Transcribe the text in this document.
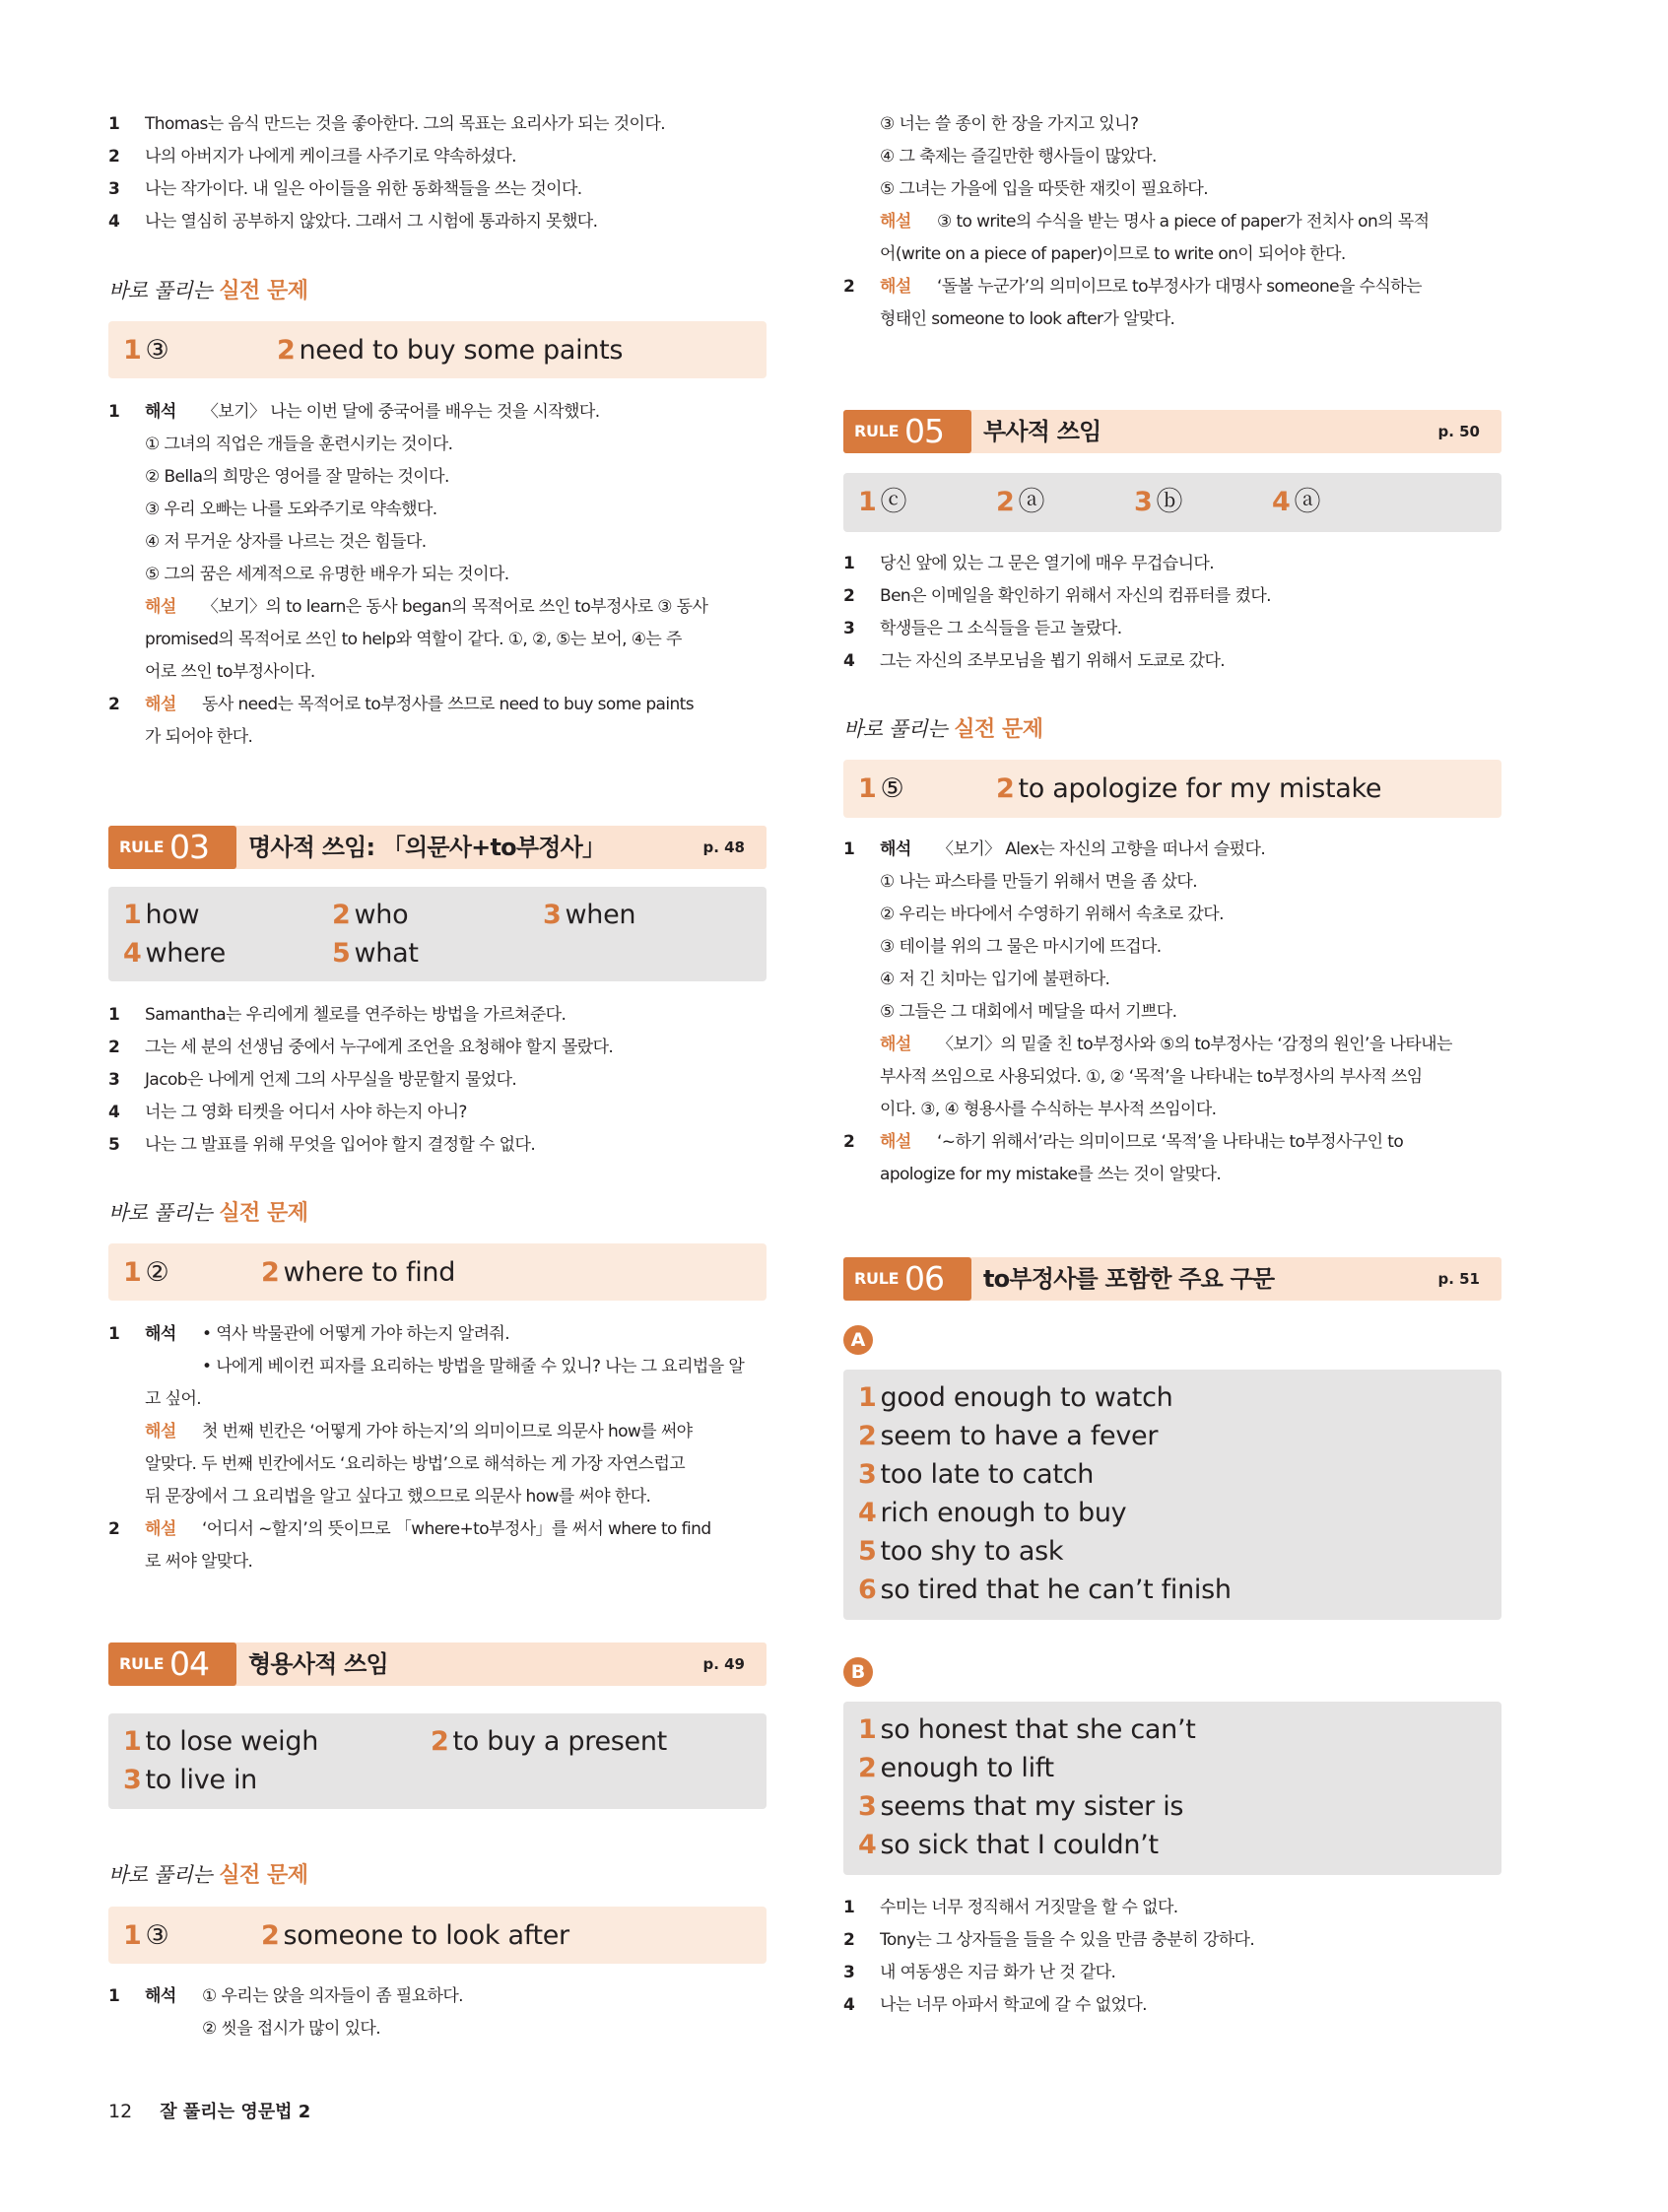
1	Thomas는 음식 만드는 것을 좋아한다. 그의 목표는 요리사가 되는 것이다.
2	나의 아버지가 나에게 케이크를 사주기로 약속하셨다.
3	나는 작가이다. 내 일은 아이들을 위한 동화책들을 쓰는 것이다.
4	나는 열심히 공부하지 않았다. 그래서 그 시험에 통과하지 못했다.
바로 풀리는 실전 문제
1 ③	2 need to buy some paints
1	해석	〈보기〉 나는 이번 달에 중국어를 배우는 것을 시작했다.
① 그녀의 직업은 개들을 훈련시키는 것이다.
② Bella의 희망은 영어를 잘 말하는 것이다.
③ 우리 오빠는 나를 도와주기로 약속했다.
④ 저 무거운 상자를 나르는 것은 힘들다.
⑤ 그의 꿈은 세계적으로 유명한 배우가 되는 것이다.
해설	〈보기〉의 to learn은 동사 began의 목적어로 쓰인 to부정사로 ③ 동사
promised의 목적어로 쓰인 to help와 역할이 같다. ①, ②, ⑤는 보어, ④는 주
어로 쓰인 to부정사이다.
2	해설	동사 need는 목적어로 to부정사를 쓰므로 need to buy some paints
가 되어야 한다.
RULE 03 명사적 쓰임: 「의문사+to부정사」	p. 48
1 how	2 who	3 when
4 where	5 what
1	Samantha는 우리에게 첼로를 연주하는 방법을 가르쳐준다.
2	그는 세 분의 선생님 중에서 누구에게 조언을 요청해야 할지 몰랐다.
3	Jacob은 나에게 언제 그의 사무실을 방문할지 물었다.
4	너는 그 영화 티켓을 어디서 사야 하는지 아니?
5	나는 그 발표를 위해 무엇을 입어야 할지 결정할 수 없다.
바로 풀리는 실전 문제
1 ②	2 where to find
1	해석	• 역사 박물관에 어떻게 가야 하는지 알려줘.
• 나에게 베이컨 피자를 요리하는 방법을 말해줄 수 있니? 나는 그 요리법을 알
고 싶어.
해설	첫 번째 빈칸은 ‘어떻게 가야 하는지’의 의미이므로 의문사 how를 써야
알맞다. 두 번째 빈칸에서도 ‘요리하는 방법’으로 해석하는 게 가장 자연스럽고
뒤 문장에서 그 요리법을 알고 싶다고 했으므로 의문사 how를 써야 한다.
2	해설	‘어디서 ~할지’의 뜻이므로 「where+to부정사」를 써서 where to find
로 써야 알맞다.
RULE 04 형용사적 쓰임	p. 49
1 to lose weigh	2 to buy a present
3 to live in
바로 풀리는 실전 문제
1 ③	2 someone to look after
1	해석	① 우리는 앉을 의자들이 좀 필요하다.
② 씻을 접시가 많이 있다.
③ 너는 쓸 종이 한 장을 가지고 있니?
④ 그 축제는 즐길만한 행사들이 많았다.
⑤ 그녀는 가을에 입을 따뜻한 재킷이 필요하다.
해설	③ to write의 수식을 받는 명사 a piece of paper가 전치사 on의 목적
어(write on a piece of paper)이므로 to write on이 되어야 한다.
2	해설	‘돌볼 누군가’의 의미이므로 to부정사가 대명사 someone을 수식하는
형태인 someone to look after가 알맞다.
RULE 05 부사적 쓰임	p. 50
1 ⓒ	2 ⓐ	3 ⓑ	4 ⓐ
1	당신 앞에 있는 그 문은 열기에 매우 무겁습니다.
2	Ben은 이메일을 확인하기 위해서 자신의 컴퓨터를 켰다.
3	학생들은 그 소식들을 듣고 놀랐다.
4	그는 자신의 조부모님을 뵙기 위해서 도쿄로 갔다.
바로 풀리는 실전 문제
1 ⑤	2 to apologize for my mistake
1	해석	〈보기〉 Alex는 자신의 고향을 떠나서 슬펐다.
① 나는 파스타를 만들기 위해서 면을 좀 샀다.
② 우리는 바다에서 수영하기 위해서 속초로 갔다.
③ 테이블 위의 그 물은 마시기에 뜨겁다.
④ 저 긴 치마는 입기에 불편하다.
⑤ 그들은 그 대회에서 메달을 따서 기쁘다.
해설	〈보기〉의 밑줄 친 to부정사와 ⑤의 to부정사는 ‘감정의 원인’을 나타내는
부사적 쓰임으로 사용되었다. ①, ② ‘목적’을 나타내는 to부정사의 부사적 쓰임
이다. ③, ④ 형용사를 수식하는 부사적 쓰임이다.
2	해설	‘~하기 위해서’라는 의미이므로 ‘목적’을 나타내는 to부정사구인 to
apologize for my mistake를 쓰는 것이 알맞다.
RULE 06 to부정사를 포함한 주요 구문	p. 51
A
1 good enough to watch
2 seem to have a fever
3 too late to catch
4 rich enough to buy
5 too shy to ask
6 so tired that he can’t finish
B
1 so honest that she can’t
2 enough to lift
3 seems that my sister is
4 so sick that I couldn’t
1	수미는 너무 정직해서 거짓말을 할 수 없다.
2	Tony는 그 상자들을 들을 수 있을 만큼 충분히 강하다.
3	내 여동생은 지금 화가 난 것 같다.
4	나는 너무 아파서 학교에 갈 수 없었다.
12 잘 풀리는 영문법 2
